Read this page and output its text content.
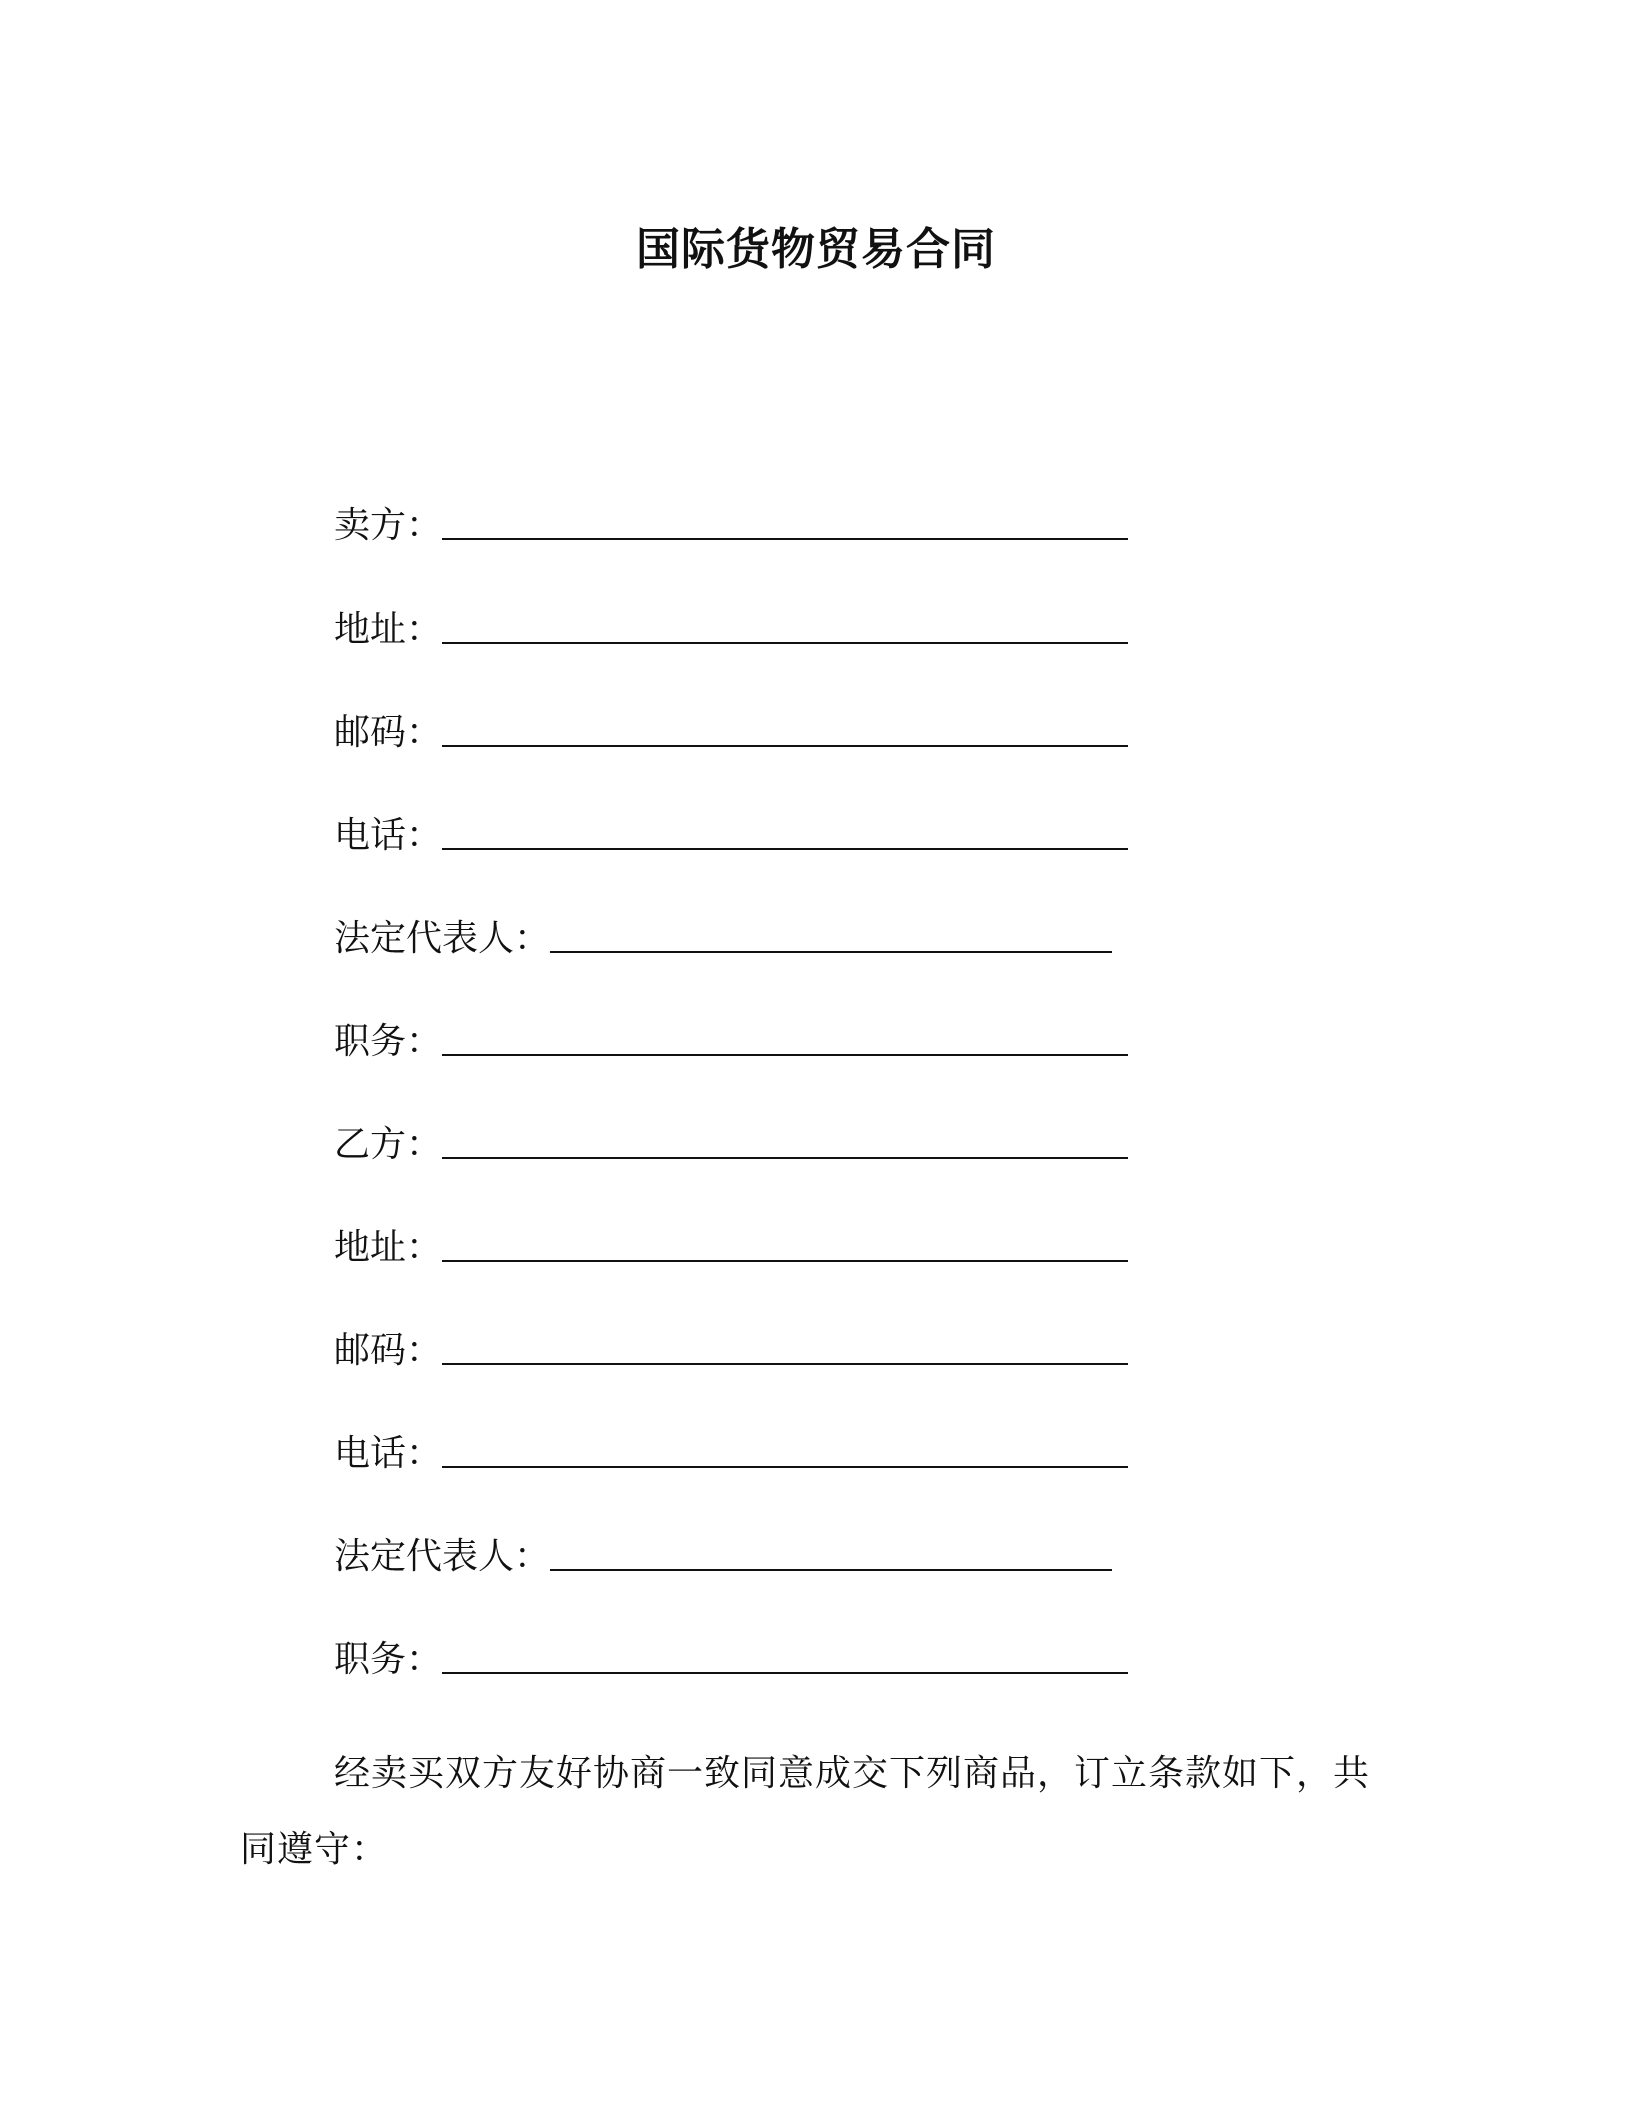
国际货物贸易合同
卖方：
地址：
邮码：
电话：
法定代表人：
职务：
乙方：
地址：
邮码：
电话：
法定代表人：
职务：
经卖买双方友好协商一致同意成交下列商品，订立条款如下，共同遵守：
